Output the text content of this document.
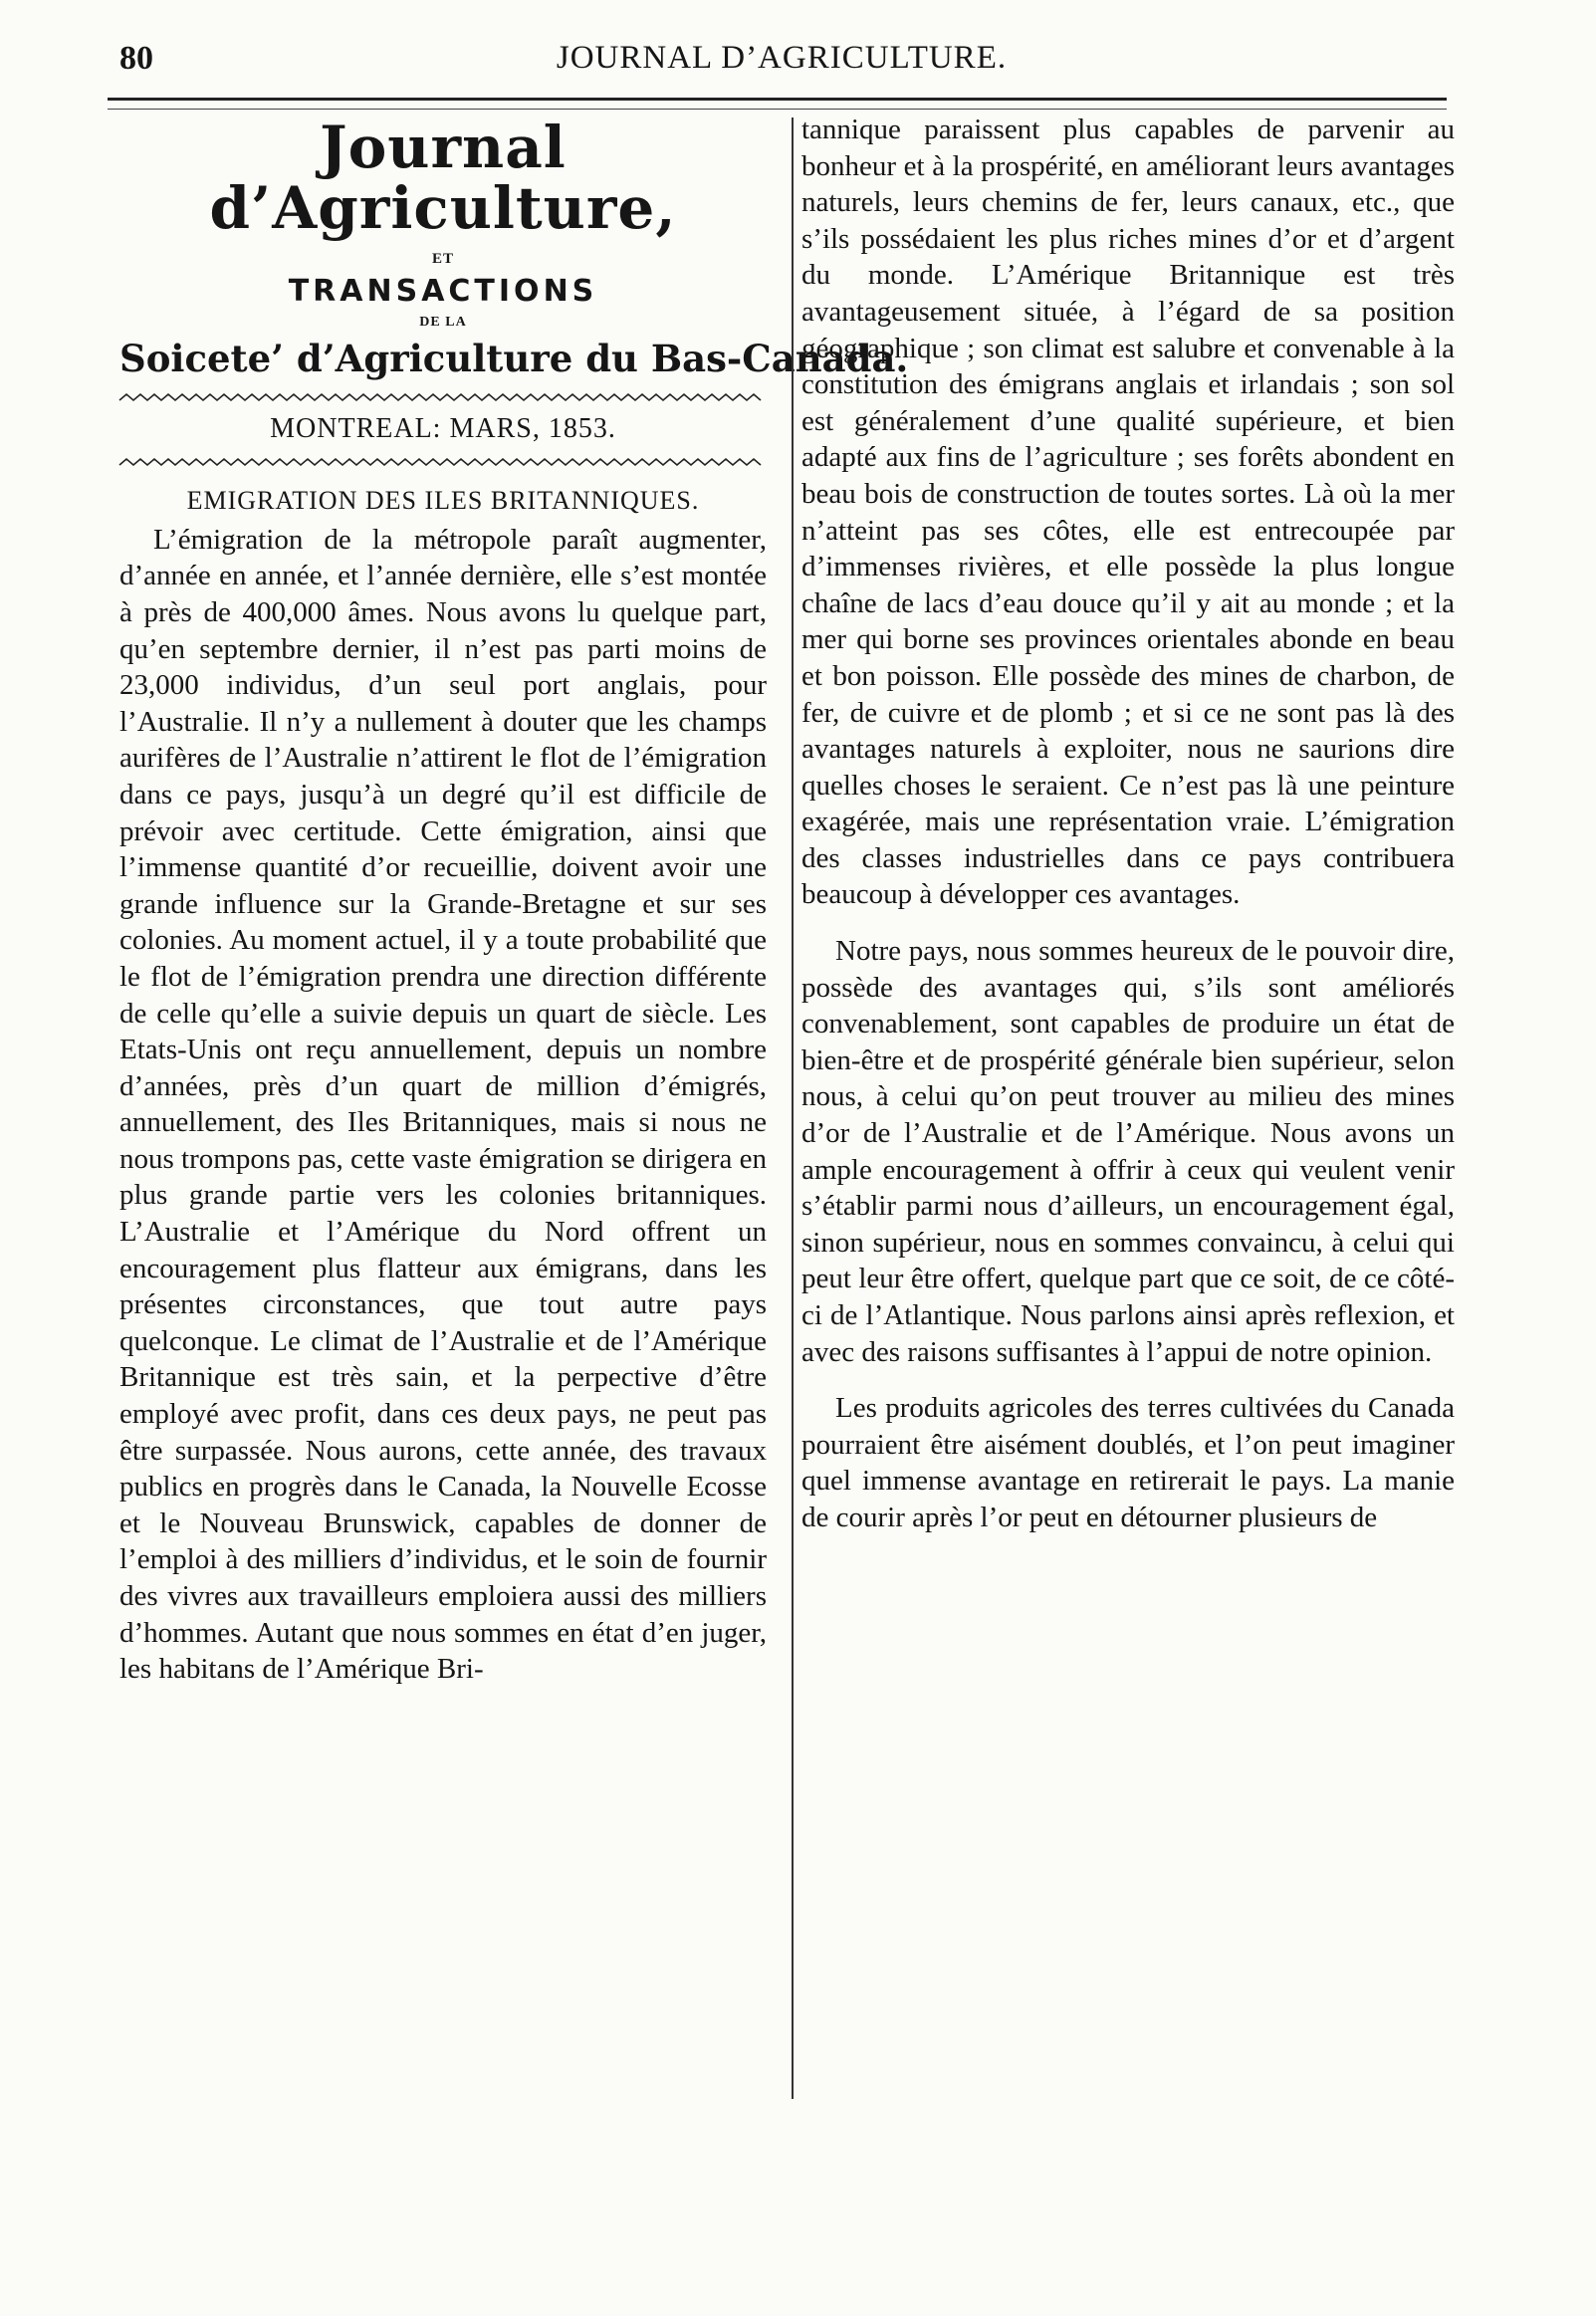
80	JOURNAL D’AGRICULTURE.
Journal d’Agriculture,
ET
TRANSACTIONS
DE LA
Soicete’ d’Agriculture du Bas-Canada.
MONTREAL: MARS, 1853.
EMIGRATION DES ILES BRITANNIQUES.

L’émigration de la métropole paraît augmenter, d’année en année, et l’année dernière, elle s’est montée à près de 400,000 âmes. Nous avons lu quelque part, qu’en septembre dernier, il n’est pas parti moins de 23,000 individus, d’un seul port anglais, pour l’Australie. Il n’y a nullement à douter que les champs aurifères de l’Australie n’attirent le flot de l’émigration dans ce pays, jusqu’à un degré qu’il est difficile de prévoir avec certitude. Cette émigration, ainsi que l’immense quantité d’or recueillie, doivent avoir une grande influence sur la Grande-Bretagne et sur ses colonies. Au moment actuel, il y a toute probabilité que le flot de l’émigration prendra une direction différente de celle qu’elle a suivie depuis un quart de siècle. Les Etats-Unis ont reçu annuellement, depuis un nombre d’années, près d’un quart de million d’émigrés, annuellement, des Iles Britanniques, mais si nous ne nous trompons pas, cette vaste émigration se dirigera en plus grande partie vers les colonies britanniques. L’Australie et l’Amérique du Nord offrent un encouragement plus flatteur aux émigrans, dans les présentes circonstances, que tout autre pays quelconque. Le climat de l’Australie et de l’Amérique Britannique est très sain, et la perpective d’être employé avec profit, dans ces deux pays, ne peut pas être surpassée. Nous aurons, cette année, des travaux publics en progrès dans le Canada, la Nouvelle Ecosse et le Nouveau Brunswick, capables de donner de l’emploi à des milliers d’individus, et le soin de fournir des vivres aux travailleurs emploiera aussi des milliers d’hommes. Autant que nous sommes en état d’en juger, les habitans de l’Amérique Bri-

tannique paraissent plus capables de parvenir au bonheur et à la prospérité, en améliorant leurs avantages naturels, leurs chemins de fer, leurs canaux, etc., que s’ils possédaient les plus riches mines d’or et d’argent du monde. L’Amérique Britannique est très avantageusement située, à l’égard de sa position géographique ; son climat est salubre et convenable à la constitution des émigrans anglais et irlandais ; son sol est généralement d’une qualité supérieure, et bien adapté aux fins de l’agriculture ; ses forêts abondent en beau bois de construction de toutes sortes. Là où la mer n’atteint pas ses côtes, elle est entrecoupée par d’immenses rivières, et elle possède la plus longue chaîne de lacs d’eau douce qu’il y ait au monde ; et la mer qui borne ses provinces orientales abonde en beau et bon poisson. Elle possède des mines de charbon, de fer, de cuivre et de plomb ; et si ce ne sont pas là des avantages naturels à exploiter, nous ne saurions dire quelles choses le seraient. Ce n’est pas là une peinture exagérée, mais une représentation vraie. L’émigration des classes industrielles dans ce pays contribuera beaucoup à développer ces avantages.

Notre pays, nous sommes heureux de le pouvoir dire, possède des avantages qui, s’ils sont améliorés convenablement, sont capables de produire un état de bien-être et de prospérité générale bien supérieur, selon nous, à celui qu’on peut trouver au milieu des mines d’or de l’Australie et de l’Amérique. Nous avons un ample encouragement à offrir à ceux qui veulent venir s’établir parmi nous d’ailleurs, un encouragement égal, sinon supérieur, nous en sommes convaincu, à celui qui peut leur être offert, quelque part que ce soit, de ce côté-ci de l’Atlantique. Nous parlons ainsi après reflexion, et avec des raisons suffisantes à l’appui de notre opinion.

Les produits agricoles des terres cultivées du Canada pourraient être aisément doublés, et l’on peut imaginer quel immense avantage en retirerait le pays. La manie de courir après l’or peut en détourner plusieurs de
